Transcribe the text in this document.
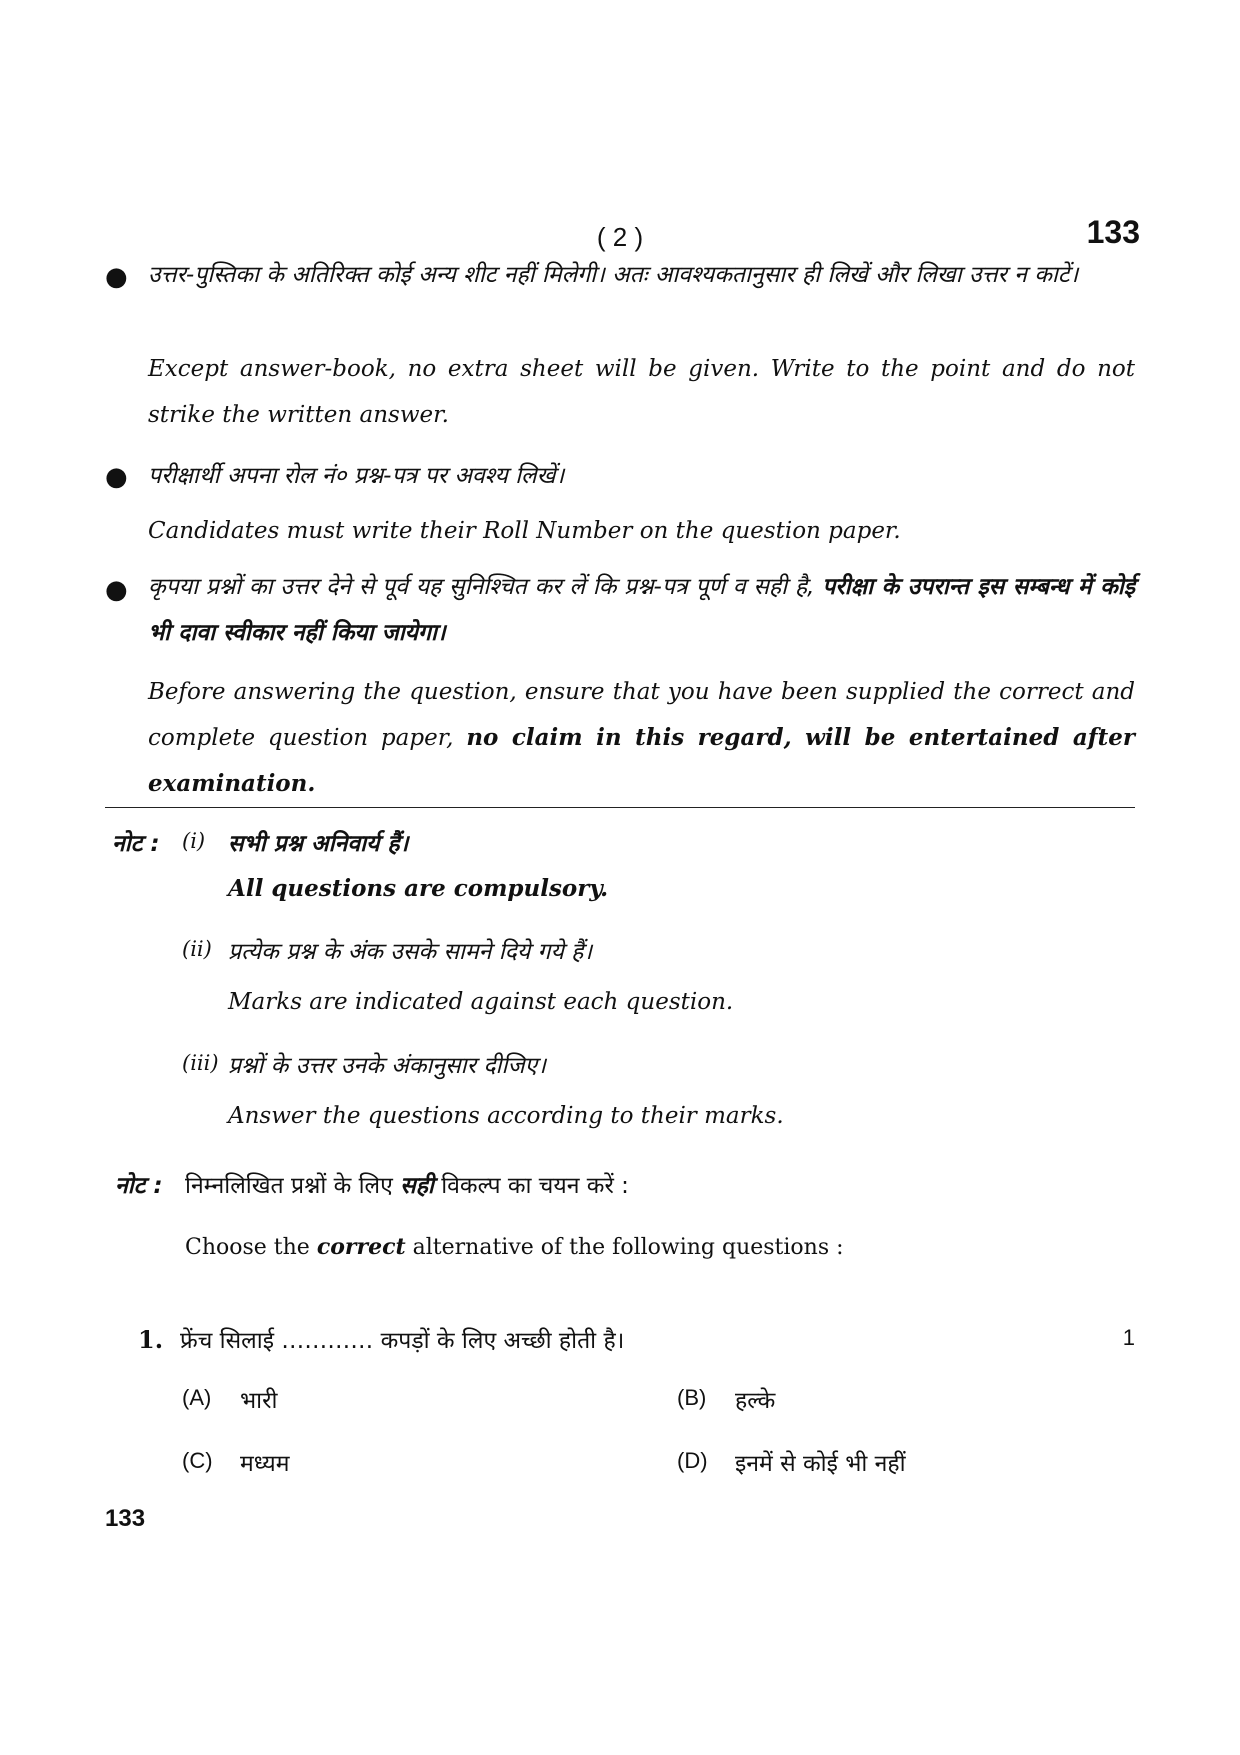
( 2 )	133
● उत्तर-पुस्तिका के अतिरिक्त कोई अन्य शीट नहीं मिलेगी। अतः आवश्यकतानुसार ही लिखें और लिखा उत्तर न काटें।
Except answer-book, no extra sheet will be given. Write to the point and do not strike the written answer.
● परीक्षार्थी अपना रोल नं० प्रश्न-पत्र पर अवश्य लिखें।
Candidates must write their Roll Number on the question paper.
● कृपया प्रश्नों का उत्तर देने से पूर्व यह सुनिश्चित कर लें कि प्रश्न-पत्र पूर्ण व सही है, परीक्षा के उपरान्त इस सम्बन्ध में कोई भी दावा स्वीकार नहीं किया जायेगा।
Before answering the question, ensure that you have been supplied the correct and complete question paper, no claim in this regard, will be entertained after examination.
नोट : (i) सभी प्रश्न अनिवार्य हैं।
All questions are compulsory.
(ii) प्रत्येक प्रश्न के अंक उसके सामने दिये गये हैं।
Marks are indicated against each question.
(iii) प्रश्नों के उत्तर उनके अंकानुसार दीजिए।
Answer the questions according to their marks.
नोट : निम्नलिखित प्रश्नों के लिए सही विकल्प का चयन करें :
Choose the correct alternative of the following questions :
1. फ्रेंच सिलाई ………… कपड़ों के लिए अच्छी होती है।	1
(A) भारी	(B) हल्के
(C) मध्यम	(D) इनमें से कोई भी नहीं
133
